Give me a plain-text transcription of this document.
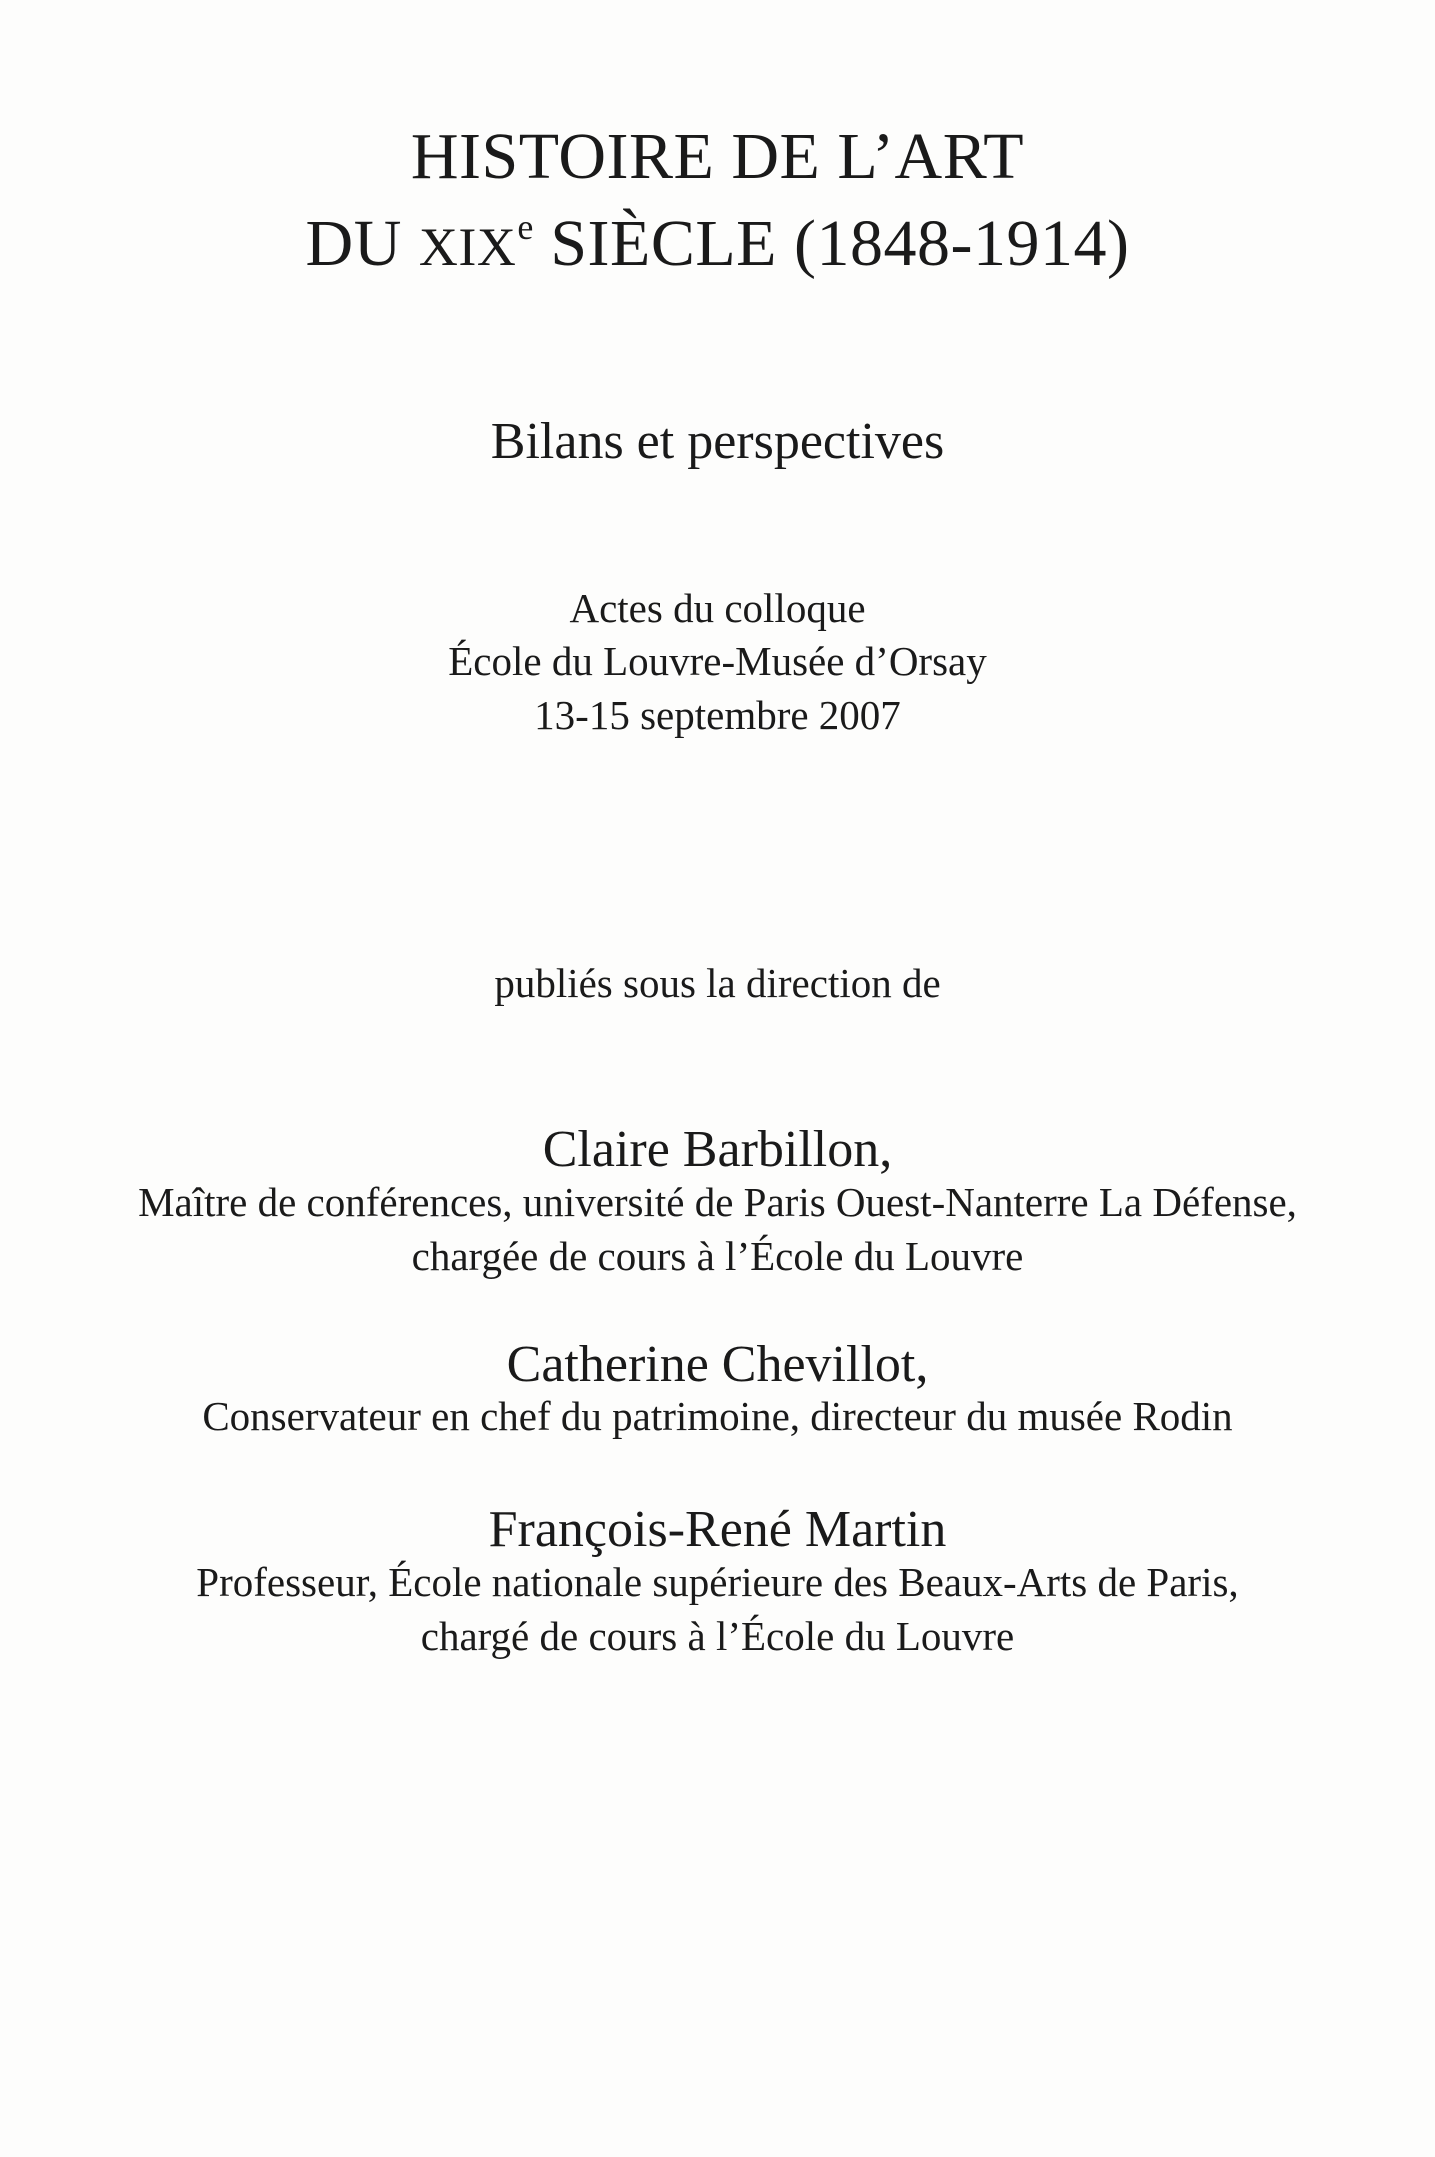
HISTOIRE DE L’ART
DU XIXe SIÈCLE (1848-1914)
Bilans et perspectives
Actes du colloque
École du Louvre-Musée d’Orsay
13-15 septembre 2007
publiés sous la direction de
Claire Barbillon,
Maître de conférences, université de Paris Ouest-Nanterre La Défense,
chargée de cours à l’École du Louvre
Catherine Chevillot,
Conservateur en chef du patrimoine, directeur du musée Rodin
François-René Martin
Professeur, École nationale supérieure des Beaux-Arts de Paris,
chargé de cours à l’École du Louvre
